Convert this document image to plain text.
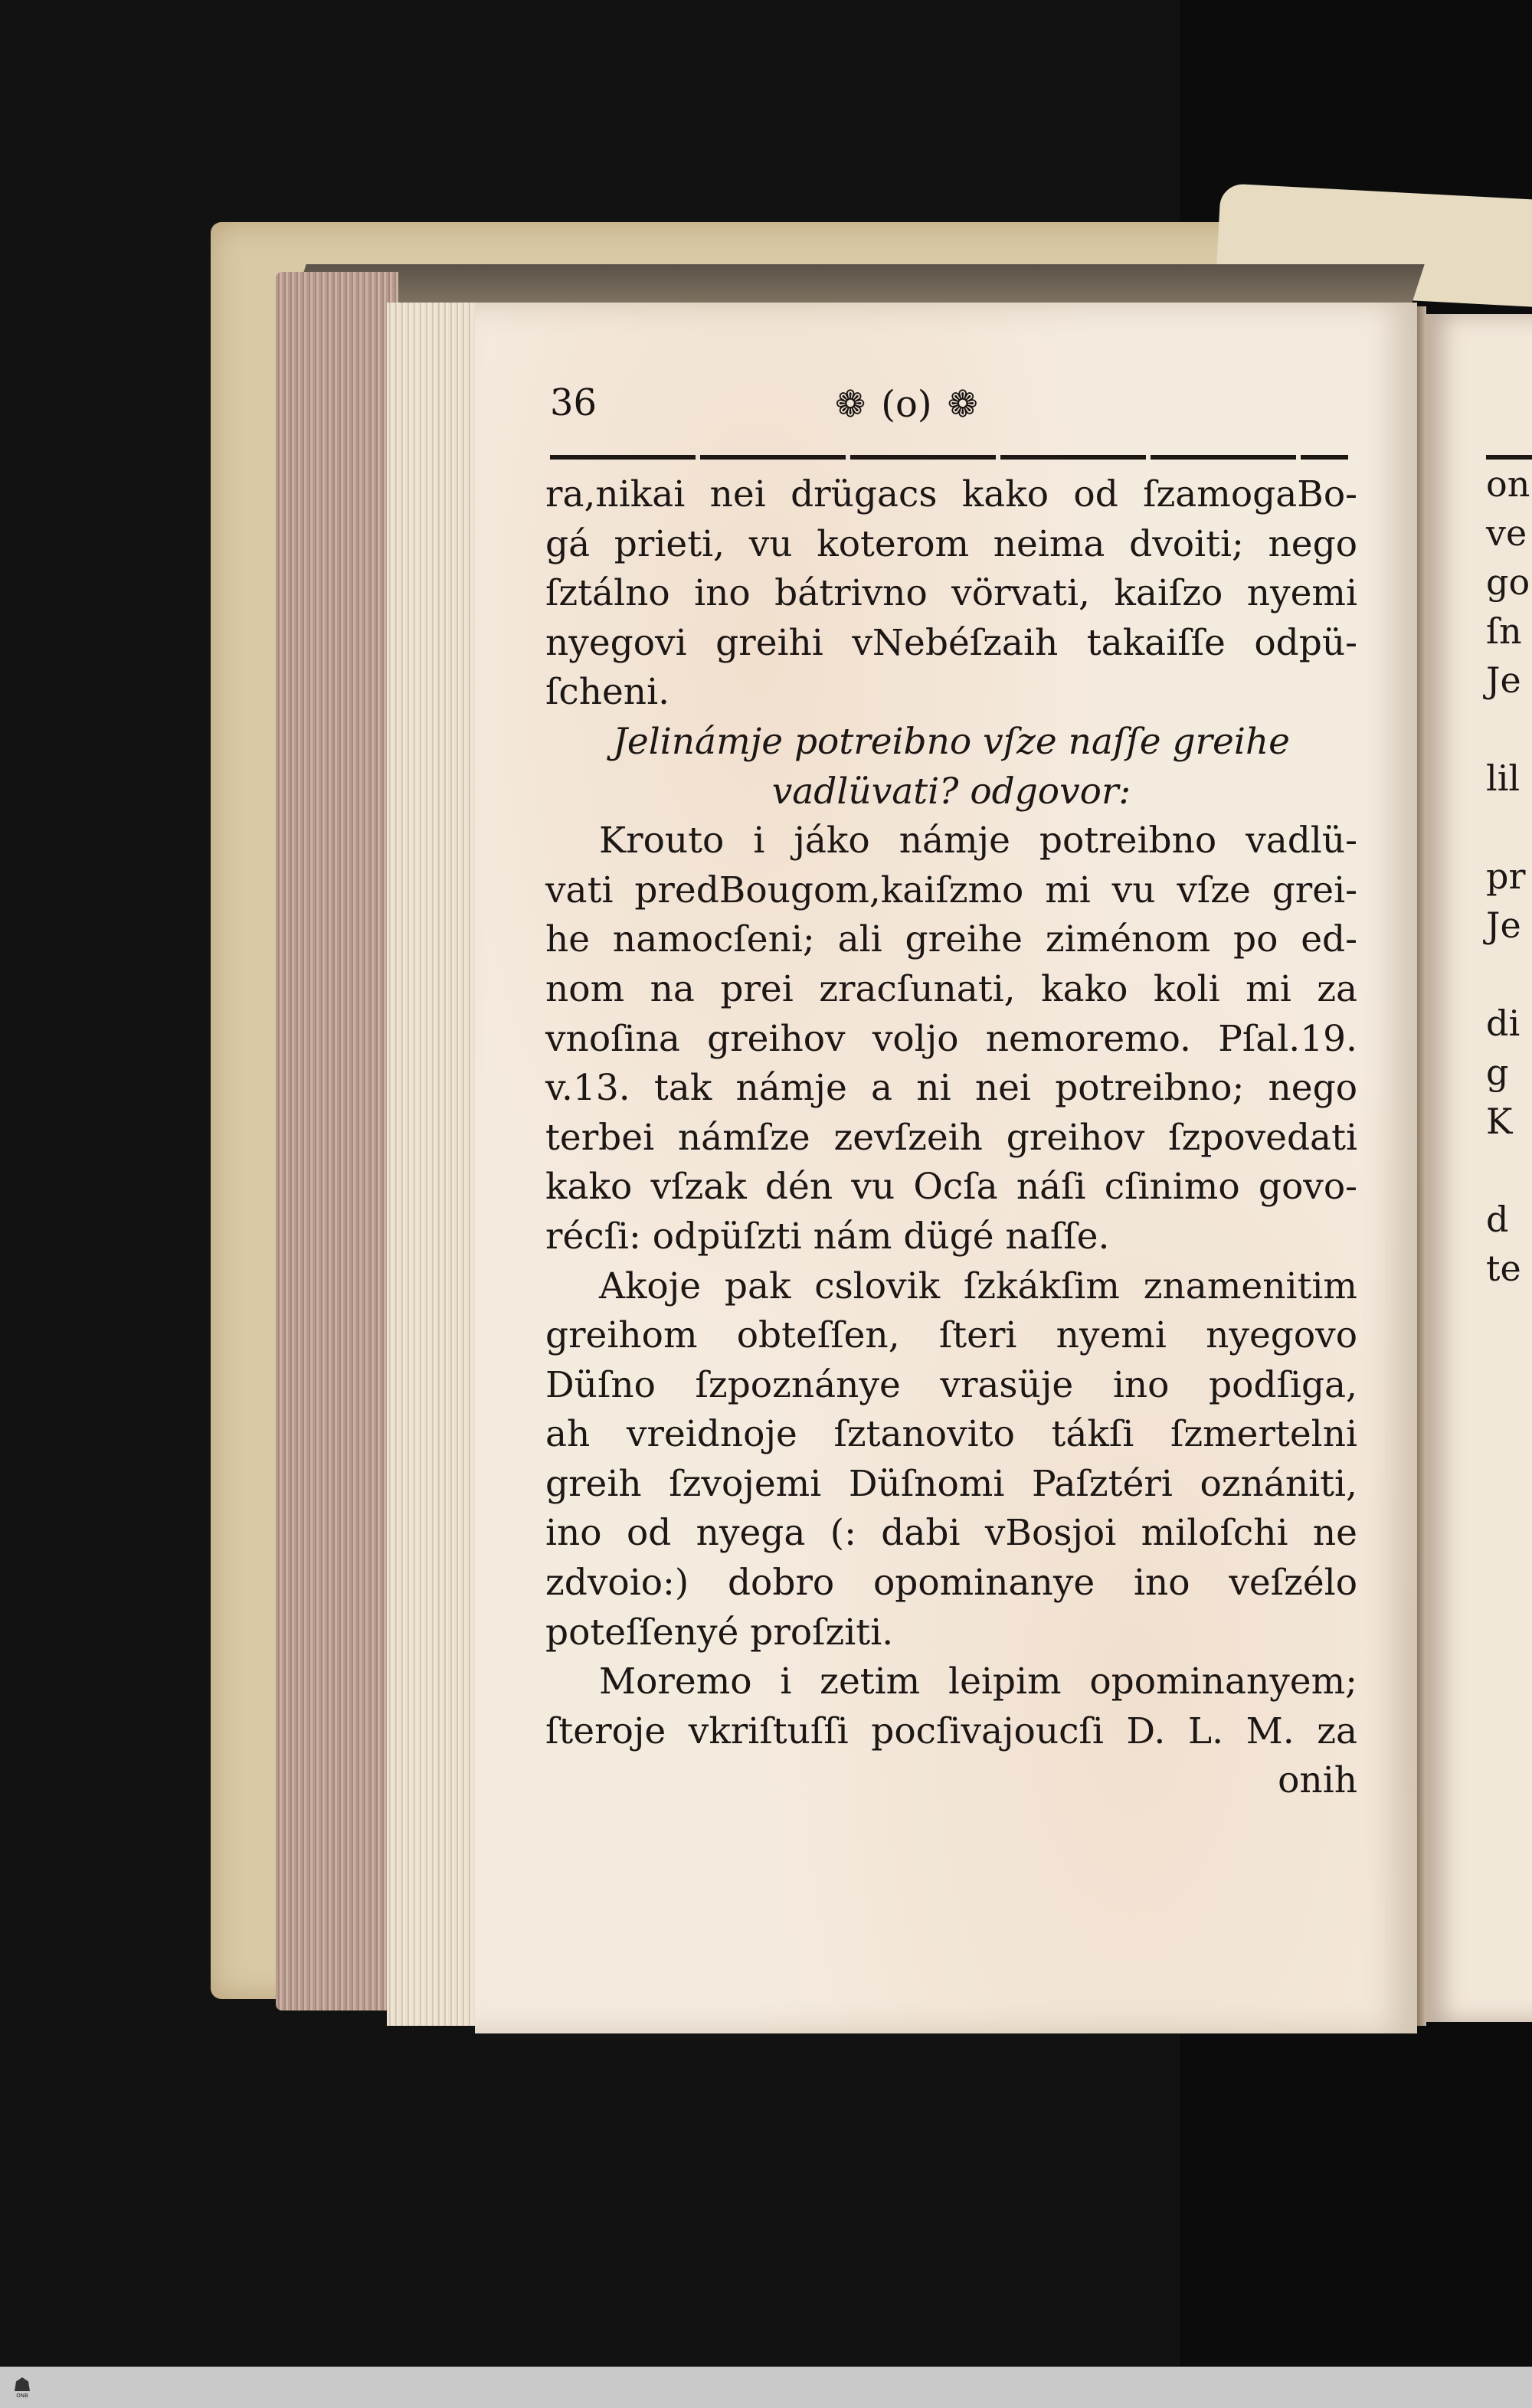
36	❁ (o) ❁
ra,nikai nei drügacs kako od ſzamogaBo-
gá prieti, vu koterom neima dvoiti; nego
ſztálno ino bátrivno vörvati, kaiſzo nyemi
nyegovi greihi vNebéſzaih takaiſſe odpü-
ſcheni.
Jelinámje potreibno vſze naſſe greihe
vadlüvati? odgovor:
Krouto i jáko námje potreibno vadlü-
vati predBougom,kaiſzmo mi vu vſze grei-
he namocſeni; ali greihe ziménom po ed-
nom na prei zracſunati, kako koli mi za
vnoſina greihov voljo nemoremo. Pſal.19.
v.13. tak námje a ni nei potreibno; nego
terbei námſze zevſzeih greihov ſzpovedati
kako vſzak dén vu Ocſa náſi cſinimo govo-
récſi: odpüſzti nám dügé naſſe.
Akoje pak cslovik ſzkákſim znamenitim
greihom obteſſen, ſteri nyemi nyegovo
Düſno ſzpoznánye vrasüje ino podſiga,
ah vreidnoje ſztanovito tákſi ſzmertelni
greih ſzvojemi Düſnomi Paſztéri oznániti,
ino od nyega (: dabi vBosjoi miloſchi ne
zdvoio:) dobro opominanye ino veſzélo
poteſſenyé proſziti.
Moremo i zetim leipim opominanyem;
ſteroje vkriſtuſſi pocſivajoucſi D. L. M. za
onih
on
ve
go
ſn
Je
lil
pr
Je
di
g
K
d
te
ONB
